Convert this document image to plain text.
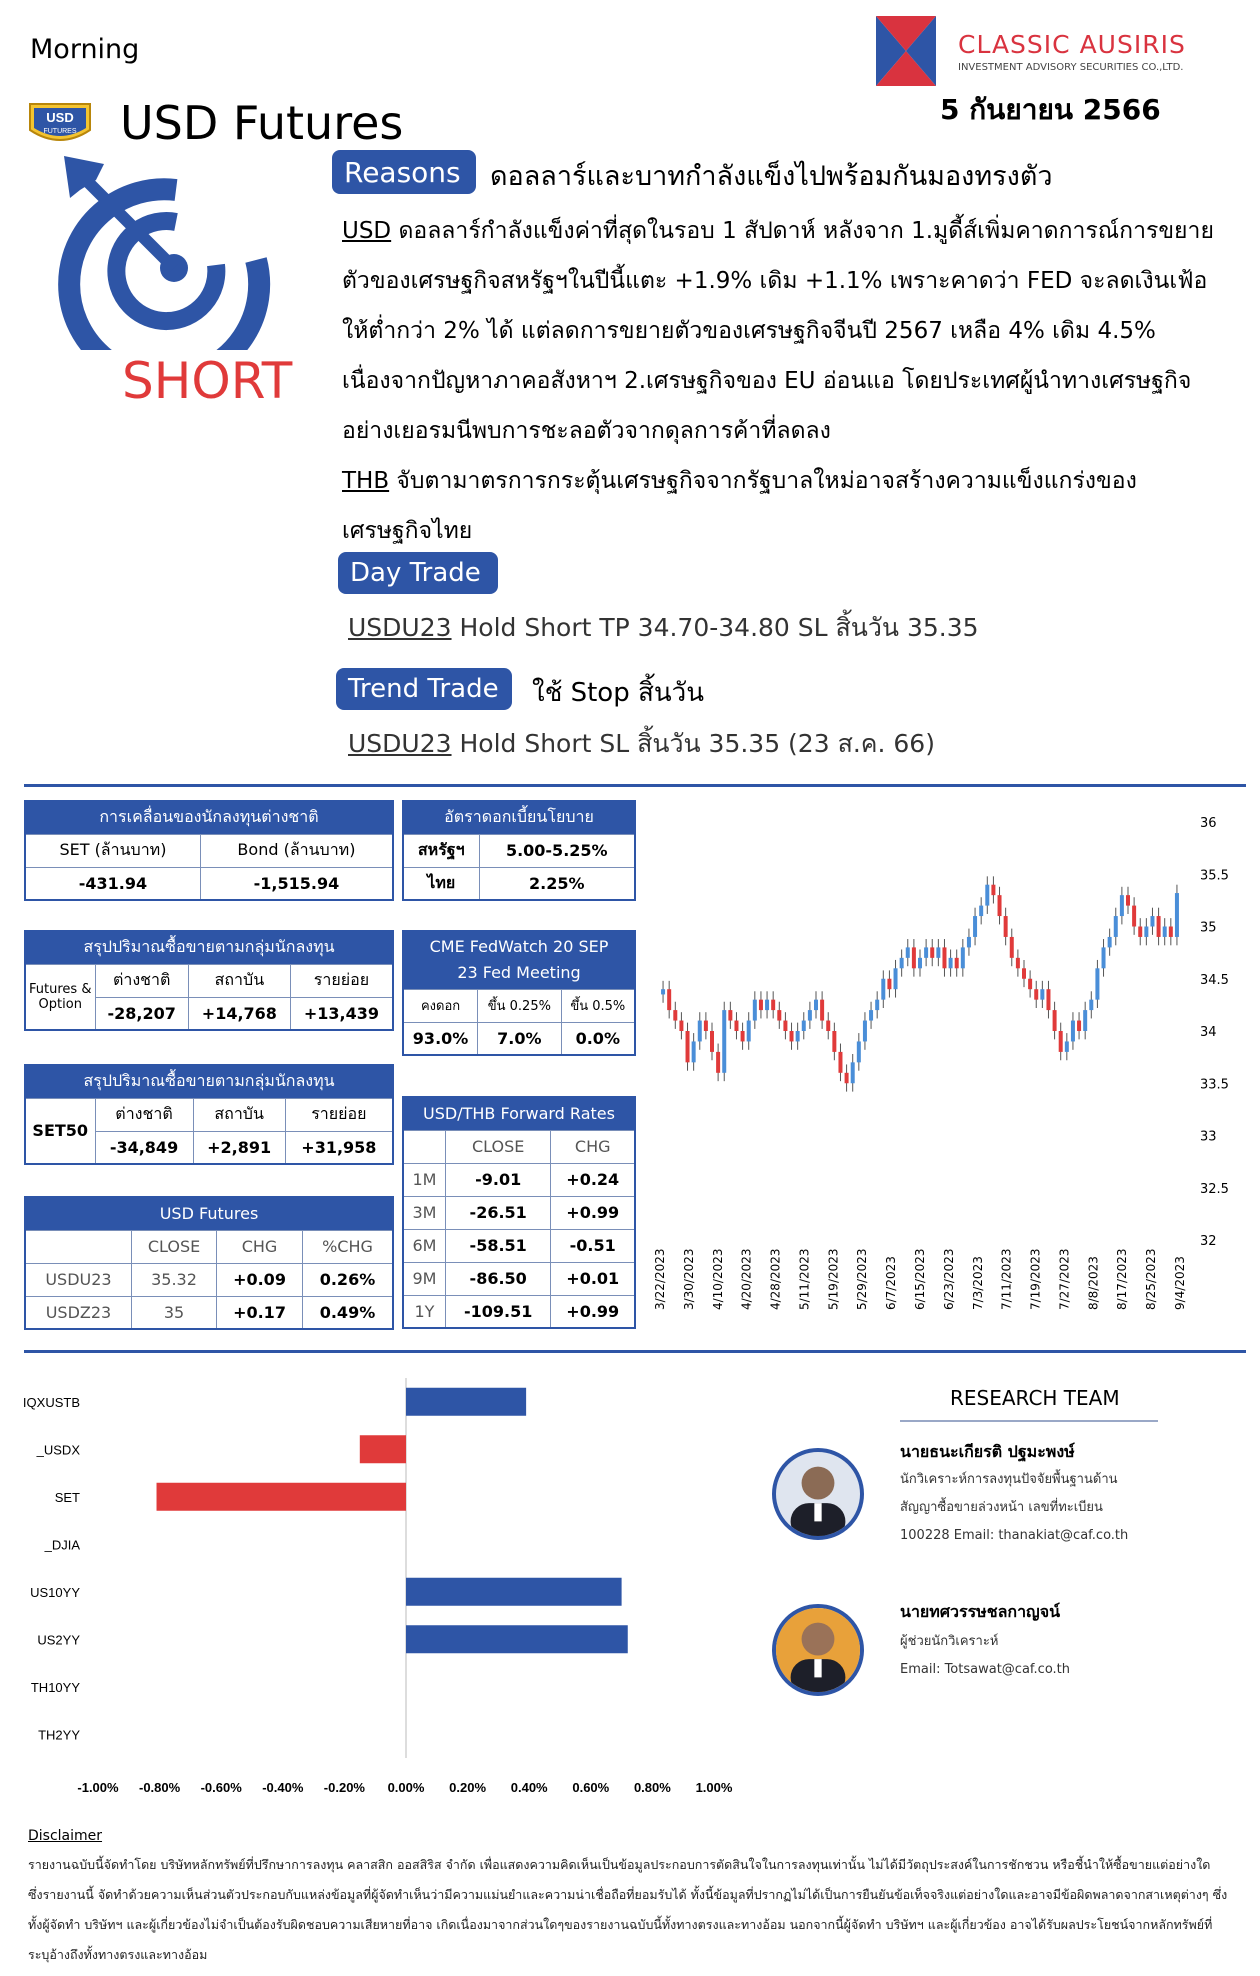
Morning
USD
FUTURES USD Futures
CLASSIC AUSIRIS
INVESTMENT ADVISORY SECURITIES CO.,LTD.
5 กันยายน 2566
SHORT
Reasons ดอลลาร์และบาทกำลังแข็งไปพร้อมกันมองทรงตัว

USD ดอลลาร์กำลังแข็งค่าที่สุดในรอบ 1 สัปดาห์ หลังจาก 1.มูดี้ส์เพิ่มคาดการณ์การขยายตัวของเศรษฐกิจสหรัฐฯในปีนี้แตะ +1.9% เดิม +1.1% เพราะคาดว่า FED จะลดเงินเฟ้อให้ต่ำกว่า 2% ได้ แต่ลดการขยายตัวของเศรษฐกิจจีนปี 2567 เหลือ 4% เดิม 4.5% เนื่องจากปัญหาภาคอสังหาฯ 2.เศรษฐกิจของ EU อ่อนแอ โดยประเทศผู้นำทางเศรษฐกิจอย่างเยอรมนีพบการชะลอตัวจากดุลการค้าที่ลดลง

THB จับตามาตรการกระตุ้นเศรษฐกิจจากรัฐบาลใหม่อาจสร้างความแข็งแกร่งของเศรษฐกิจไทย

Day Trade
USDU23 Hold Short TP 34.70-34.80 SL สิ้นวัน 35.35
Trend Trade ใช้ Stop สิ้นวัน
USDU23 Hold Short SL สิ้นวัน 35.35 (23 ส.ค. 66)
การเคลื่อนของนักลงทุนต่างชาติ	
SET (ล้านบาท)	Bond (ล้านบาท)
-431.94	-1,515.94
อัตราดอกเบี้ยนโยบาย	
สหรัฐฯ	5.00-5.25%
ไทย	2.25%
สรุปปริมาณซื้อขายตามกลุ่มนักลงทุน			
Futures &
Option	ต่างชาติ	สถาบัน	รายย่อย
	-28,207	+14,768	+13,439
CME FedWatch 20 SEP
23 Fed Meeting		
คงดอก	ขึ้น 0.25%	ขึ้น 0.5%
93.0%	7.0%	0.0%
สรุปปริมาณซื้อขายตามกลุ่มนักลงทุน			
SET50	ต่างชาติ	สถาบัน	รายย่อย
	-34,849	+2,891	+31,958
USD/THB Forward Rates		
	CLOSE	CHG
1M	-9.01	+0.24
3M	-26.51	+0.99
6M	-58.51	-0.51
9M	-86.50	+0.01
1Y	-109.51	+0.99
USD Futures			
	CLOSE	CHG	%CHG
USDU23	35.32	+0.09	0.26%
USDZ23	35	+0.17	0.49%
36
35.5
35
34.5
34
33.5
33
32.5
32
3/22/2023 3/30/2023 4/10/2023 4/20/2023 4/28/2023 5/11/2023 5/19/2023 5/29/2023 6/7/2023 6/15/2023 6/23/2023 7/3/2023 7/11/2023 7/19/2023 7/27/2023 8/8/2023 8/17/2023 8/25/2023 9/4/2023
IQXUSTB
_USDX
SET
_DJIA
US10YY
US2YY
TH10YY
TH2YY
-1.00% -0.80% -0.60% -0.40% -0.20% 0.00% 0.20% 0.40% 0.60% 0.80% 1.00%
RESEARCH TEAM
นายธนะเกียรติ ปฐมะพงษ์
นักวิเคราะห์การลงทุนปัจจัยพื้นฐานด้าน
สัญญาซื้อขายล่วงหน้า เลขที่ทะเบียน
100228 Email: thanakiat@caf.co.th
นายทศวรรษชลกาญจน์
ผู้ช่วยนักวิเคราะห์
Email: Totsawat@caf.co.th
Disclaimer
รายงานฉบับนี้จัดทำโดย บริษัทหลักทรัพย์ที่ปรึกษาการลงทุน คลาสสิก ออสสิริส จำกัด เพื่อแสดงความคิดเห็นเป็นข้อมูลประกอบการตัดสินใจในการลงทุนเท่านั้น ไม่ได้มีวัตถุประสงค์ในการชักชวน หรือชี้นำให้ซื้อขายแต่อย่างใด ซึ่งรายงานนี้ จัดทำด้วยความเห็นส่วนตัวประกอบกับแหล่งข้อมูลที่ผู้จัดทำเห็นว่ามีความแม่นยำและความน่าเชื่อถือที่ยอมรับได้ ทั้งนี้ข้อมูลที่ปรากฏไม่ได้เป็นการยืนยันข้อเท็จจริงแต่อย่างใดและอาจมีข้อผิดพลาดจากสาเหตุต่างๆ ซึ่งทั้งผู้จัดทำ บริษัทฯ และผู้เกี่ยวข้องไม่จำเป็นต้องรับผิดชอบความเสียหายที่อาจ เกิดเนื่องมาจากส่วนใดๆของรายงานฉบับนี้ทั้งทางตรงและทางอ้อม นอกจากนี้ผู้จัดทำ บริษัทฯ และผู้เกี่ยวข้อง อาจได้รับผลประโยชน์จากหลักทรัพย์ที่ระบุอ้างถึงทั้งทางตรงและทางอ้อม
